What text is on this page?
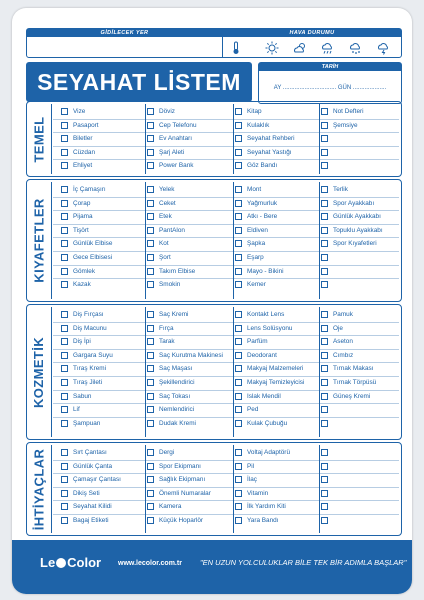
GİDİLECEK YER	HAVA DURUMU
SEYAHAT LİSTEM
TARİH
AY ................................ GÜN ....................
TEMEL
Vize
Pasaport
Biletler
Cüzdan
Ehliyet
Döviz
Cep Telefonu
Ev Anahtarı
Şarj Aleti
Power Bank
Kitap
Kulaklık
Seyahat Rehberi
Seyahat Yastığı
Göz Bandı
Not Defteri
Şemsiye
KIYAFETLER
İç Çamaşırı
Çorap
Pijama
Tişört
Günlük Elbise
Gece Elbisesi
Gömlek
Kazak
Yelek
Ceket
Etek
PantAlon
Kot
Şort
Takım Elbise
Smokin
Mont
Yağmurluk
Atkı - Bere
Eldiven
Şapka
Eşarp
Mayo - Bikini
Kemer
Terlik
Spor Ayakkabı
Günlük Ayakkabı
Topuklu Ayakkabı
Spor Kıyafetleri
KOZMETİK
Diş Fırçası
Diş Macunu
Diş İpi
Gargara Suyu
Tıraş Kremi
Tıraş Jileti
Sabun
Lif
Şampuan
Saç Kremi
Fırça
Tarak
Saç Kurutma Makinesi
Saç Maşası
Şekillendirici
Saç Tokası
Nemlendirici
Dudak Kremi
Kontakt Lens
Lens Solüsyonu
Parfüm
Deodorant
Makyaj Malzemeleri
Makyaj Temizleyicisi
Islak Mendil
Ped
Kulak Çubuğu
Pamuk
Oje
Aseton
Cımbız
Tırnak Makası
Tırnak Törpüsü
Güneş Kremi
İHTİYAÇLAR	Sırt Çantası
Günlük Çanta
Çamaşır Çantası
Dikiş Seti
Seyahat Kilidi
Bagaj Etiketi
Dergi
Spor Ekipmanı
Sağlık Ekipmanı
Önemli Numaralar
Kamera
Küçük Hoparlör
Voltaj Adaptörü
Pil
İlaç
Vitamin
İlk Yardım Kiti
Yara Bandı
Le Color www.lecolor.com.tr "EN UZUN YOLCULUKLAR BİLE TEK BİR ADIMLA BAŞLAR"
